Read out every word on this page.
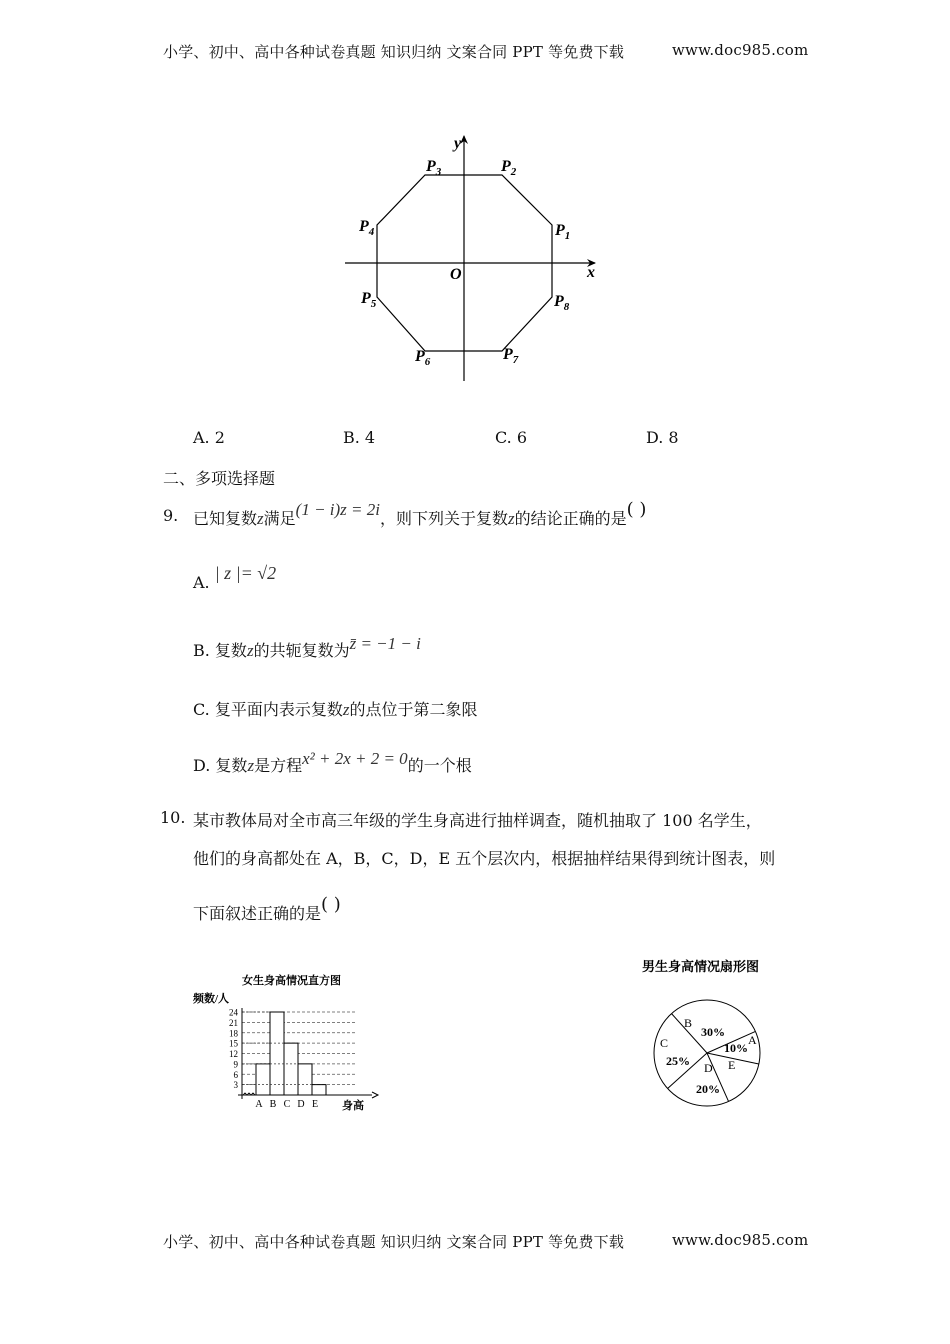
小学、初中、高中各种试卷真题 知识归纳 文案合同 PPT 等免费下载	www.doc985.com
x
y
O
$P_1$
$P_2$
$P_3$
$P_4$
$P_5$
$P_6$	$P_7$
$P_8$
A. 2	B. 4	C. 6	D. 8
二、多项选择题
9. 已知复数z满足(1 − i)z = 2i，则下列关于复数z的结论正确的是( )
A. | z |= √2
B. 复数z的共轭复数为z̄ = −1 − i
C. 复平面内表示复数z的点位于第二象限
D. 复数z是方程x² + 2x + 2 = 0的一个根
10. 某市教体局对全市高三年级的学生身高进行抽样调查，随机抽取了 100 名学生，
他们的身高都处在 A，B，C，D，E 五个层次内，根据抽样结果得到统计图表，则
下面叙述正确的是( )
女生身高情况直方图
频数/人
身高
3
6
9
12
15
18
21
24
A B C D E
男生身高情况扇形图
A
10%
B
30%
C
25% D
20%
E
小学、初中、高中各种试卷真题 知识归纳 文案合同 PPT 等免费下载	www.doc985.com
